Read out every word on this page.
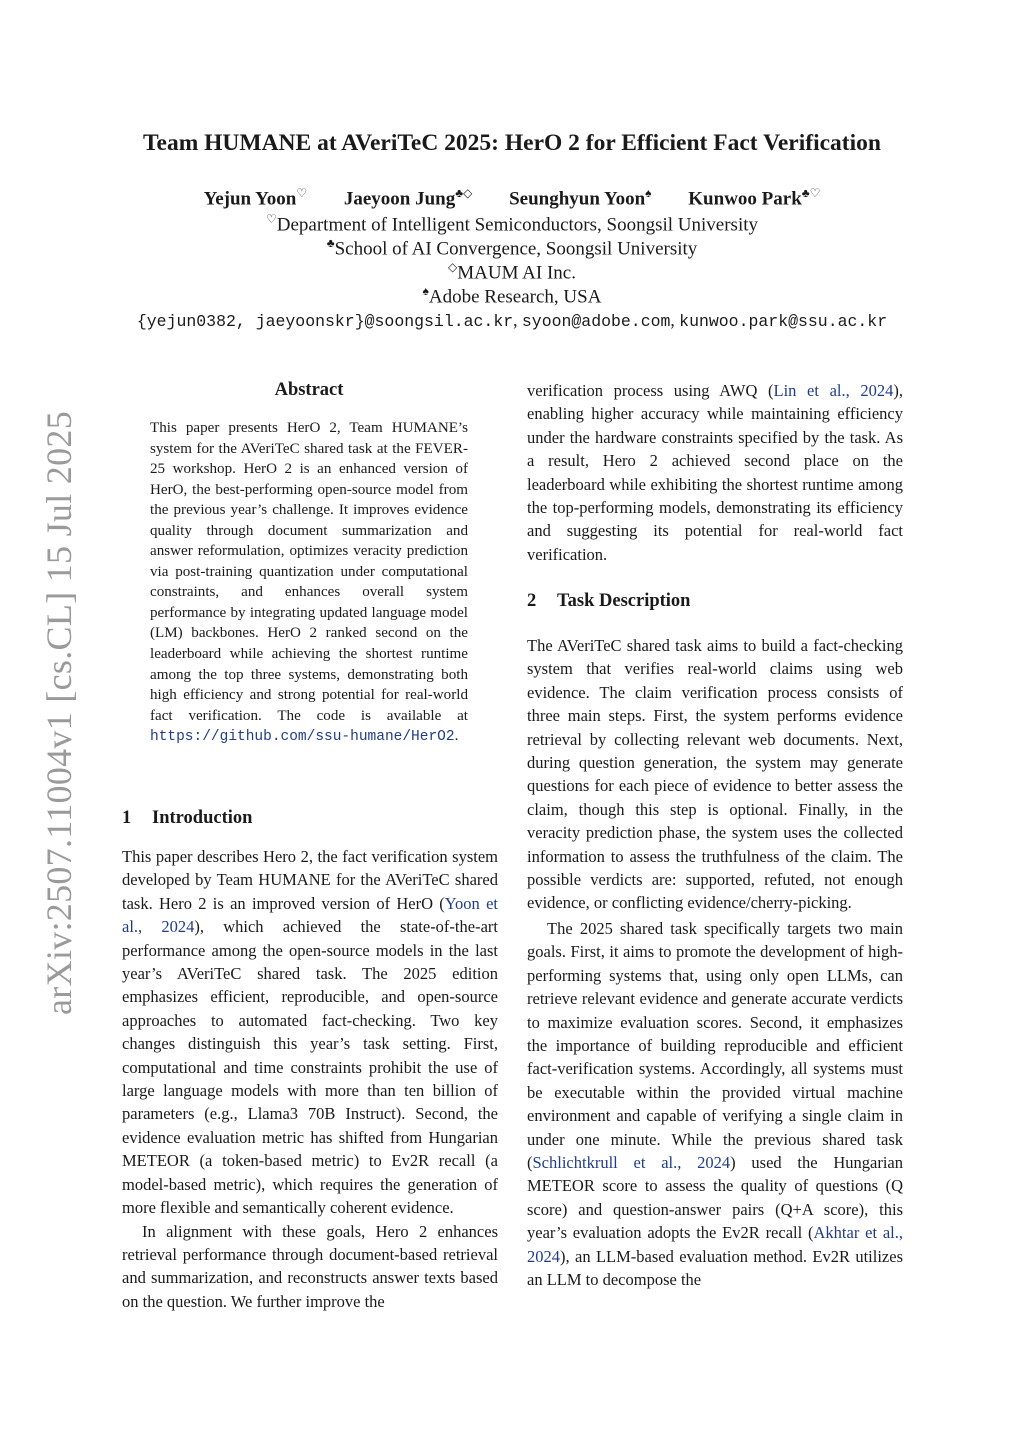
arXiv:2507.11004v1 [cs.CL] 15 Jul 2025
Team HUMANE at AVeriTeC 2025: HerO 2 for Efficient Fact Verification
Yejun Yoon♡ Jaeyoon Jung♣◇ Seunghyun Yoon♠ Kunwoo Park♣♡
♡Department of Intelligent Semiconductors, Soongsil University
♣School of AI Convergence, Soongsil University
◇MAUM AI Inc.
♠Adobe Research, USA
{yejun0382, jaeyoonskr}@soongsil.ac.kr, syoon@adobe.com, kunwoo.park@ssu.ac.kr
Abstract
This paper presents HerO 2, Team HUMANE’s system for the AVeriTeC shared task at the FEVER-25 workshop. HerO 2 is an enhanced version of HerO, the best-performing open-source model from the previous year’s challenge. It improves evidence quality through document summarization and answer reformulation, optimizes veracity prediction via post-training quantization under computational constraints, and enhances overall system performance by integrating updated language model (LM) backbones. HerO 2 ranked second on the leaderboard while achieving the shortest runtime among the top three systems, demonstrating both high efficiency and strong potential for real-world fact verification. The code is available at https://github.com/ssu-humane/HerO2.
1 Introduction

This paper describes Hero 2, the fact verification system developed by Team HUMANE for the AVeriTeC shared task. Hero 2 is an improved version of HerO (Yoon et al., 2024), which achieved the state-of-the-art performance among the open-source models in the last year’s AVeriTeC shared task. The 2025 edition emphasizes efficient, reproducible, and open-source approaches to automated fact-checking. Two key changes distinguish this year’s task setting. First, computational and time constraints prohibit the use of large language models with more than ten billion of parameters (e.g., Llama3 70B Instruct). Second, the evidence evaluation metric has shifted from Hungarian METEOR (a token-based metric) to Ev2R recall (a model-based metric), which requires the generation of more flexible and semantically coherent evidence.

In alignment with these goals, Hero 2 enhances retrieval performance through document-based retrieval and summarization, and reconstructs answer texts based on the question. We further improve the

verification process using AWQ (Lin et al., 2024), enabling higher accuracy while maintaining efficiency under the hardware constraints specified by the task. As a result, Hero 2 achieved second place on the leaderboard while exhibiting the shortest runtime among the top-performing models, demonstrating its efficiency and suggesting its potential for real-world fact verification.

2 Task Description

The AVeriTeC shared task aims to build a fact-checking system that verifies real-world claims using web evidence. The claim verification process consists of three main steps. First, the system performs evidence retrieval by collecting relevant web documents. Next, during question generation, the system may generate questions for each piece of evidence to better assess the claim, though this step is optional. Finally, in the veracity prediction phase, the system uses the collected information to assess the truthfulness of the claim. The possible verdicts are: supported, refuted, not enough evidence, or conflicting evidence/cherry-picking.

The 2025 shared task specifically targets two main goals. First, it aims to promote the development of high-performing systems that, using only open LLMs, can retrieve relevant evidence and generate accurate verdicts to maximize evaluation scores. Second, it emphasizes the importance of building reproducible and efficient fact-verification systems. Accordingly, all systems must be executable within the provided virtual machine environment and capable of verifying a single claim in under one minute. While the previous shared task (Schlichtkrull et al., 2024) used the Hungarian METEOR score to assess the quality of questions (Q score) and question-answer pairs (Q+A score), this year’s evaluation adopts the Ev2R recall (Akhtar et al., 2024), an LLM-based evaluation method. Ev2R utilizes an LLM to decompose the
